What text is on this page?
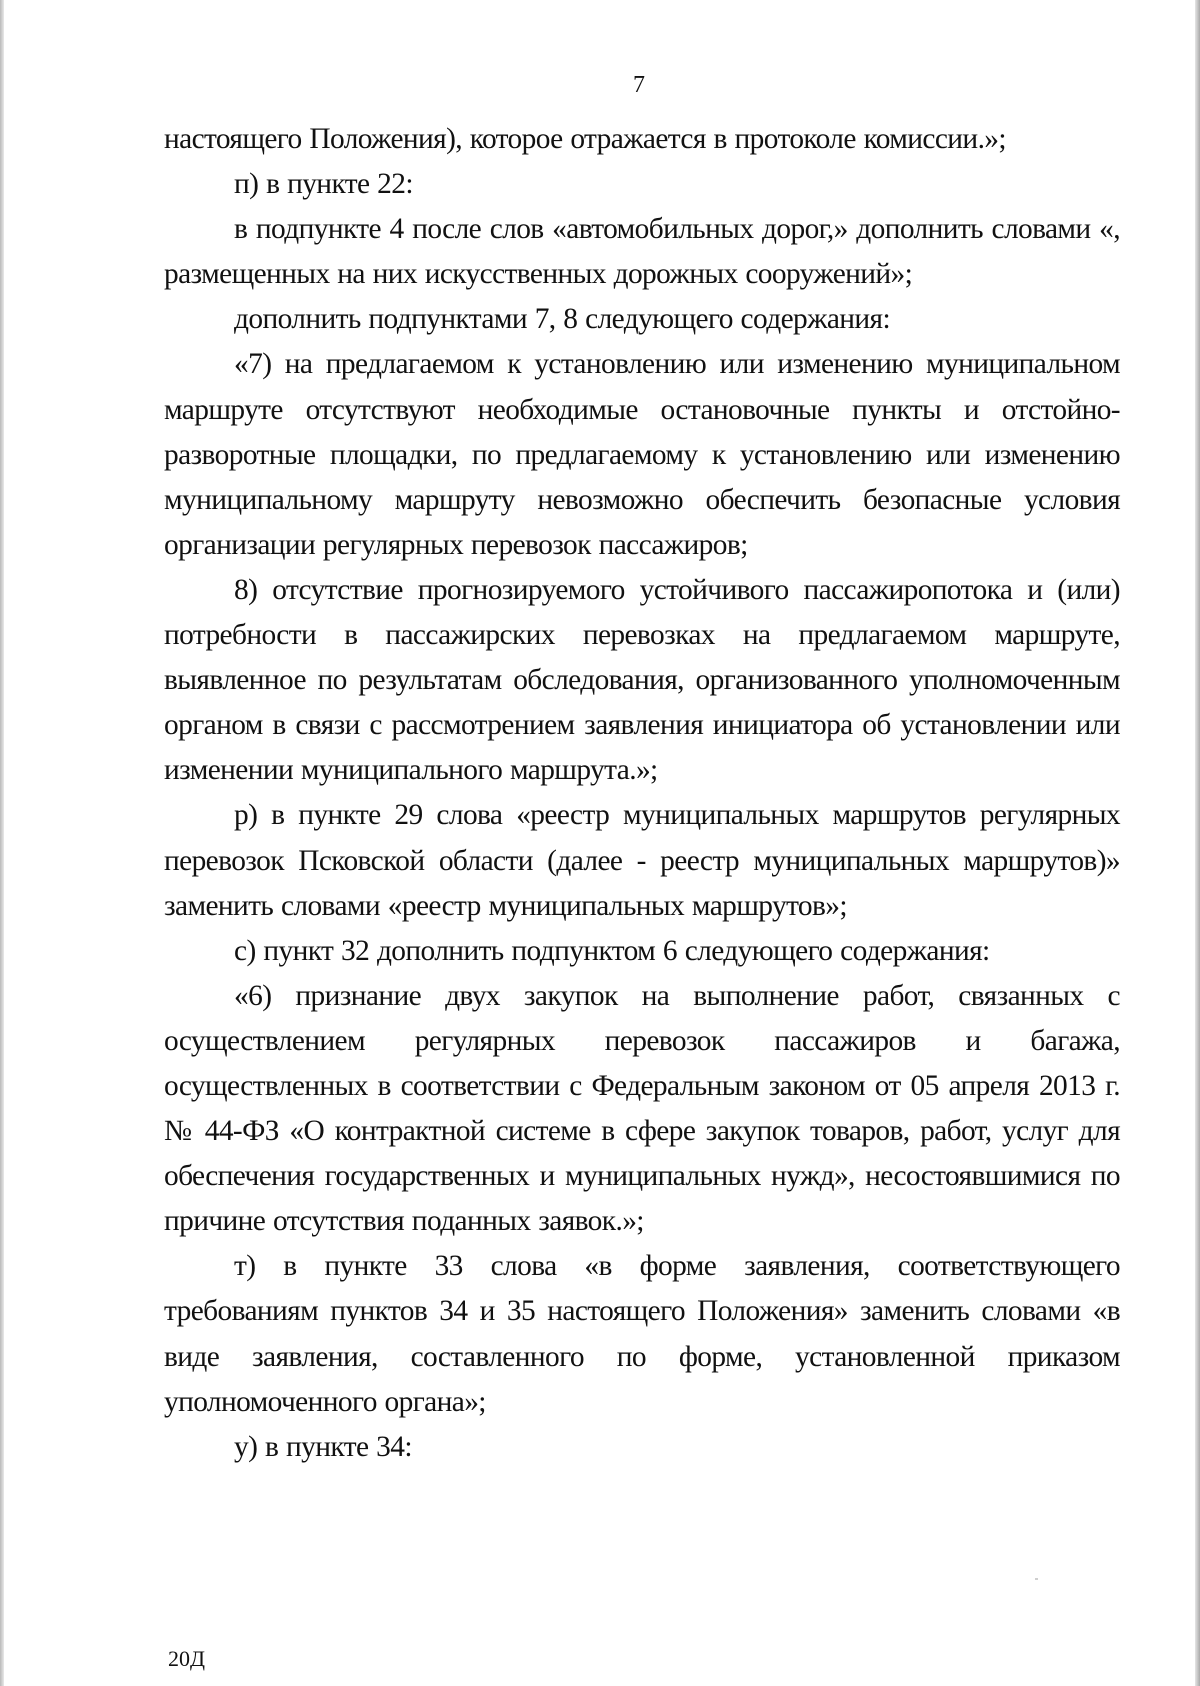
7

настоящего Положения), которое отражается в протоколе комиссии.»;

п) в пункте 22:

в подпункте 4 после слов «автомобильных дорог,» дополнить словами «, размещенных на них искусственных дорожных сооружений»;

дополнить подпунктами 7, 8 следующего содержания:

«7) на предлагаемом к установлению или изменению муниципальном маршруте отсутствуют необходимые остановочные пункты и отстойно-разворотные площадки, по предлагаемому к установлению или изменению муниципальному маршруту невозможно обеспечить безопасные условия организации регулярных перевозок пассажиров;

8) отсутствие прогнозируемого устойчивого пассажиропотока и (или) потребности в пассажирских перевозках на предлагаемом маршруте, выявленное по результатам обследования, организованного уполномоченным органом в связи с рассмотрением заявления инициатора об установлении или изменении муниципального маршрута.»;

р) в пункте 29 слова «реестр муниципальных маршрутов регулярных перевозок Псковской области (далее - реестр муниципальных маршрутов)» заменить словами «реестр муниципальных маршрутов»;

с) пункт 32 дополнить подпунктом 6 следующего содержания:

«6) признание двух закупок на выполнение работ, связанных с осуществлением регулярных перевозок пассажиров и багажа, осуществленных в соответствии с Федеральным законом от 05 апреля 2013 г. № 44-ФЗ «О контрактной системе в сфере закупок товаров, работ, услуг для обеспечения государственных и муниципальных нужд», несостоявшимися по причине отсутствия поданных заявок.»;

т) в пункте 33 слова «в форме заявления, соответствующего требованиям пунктов 34 и 35 настоящего Положения» заменить словами «в виде заявления, составленного по форме, установленной приказом уполномоченного органа»;

у) в пункте 34:

20Д
